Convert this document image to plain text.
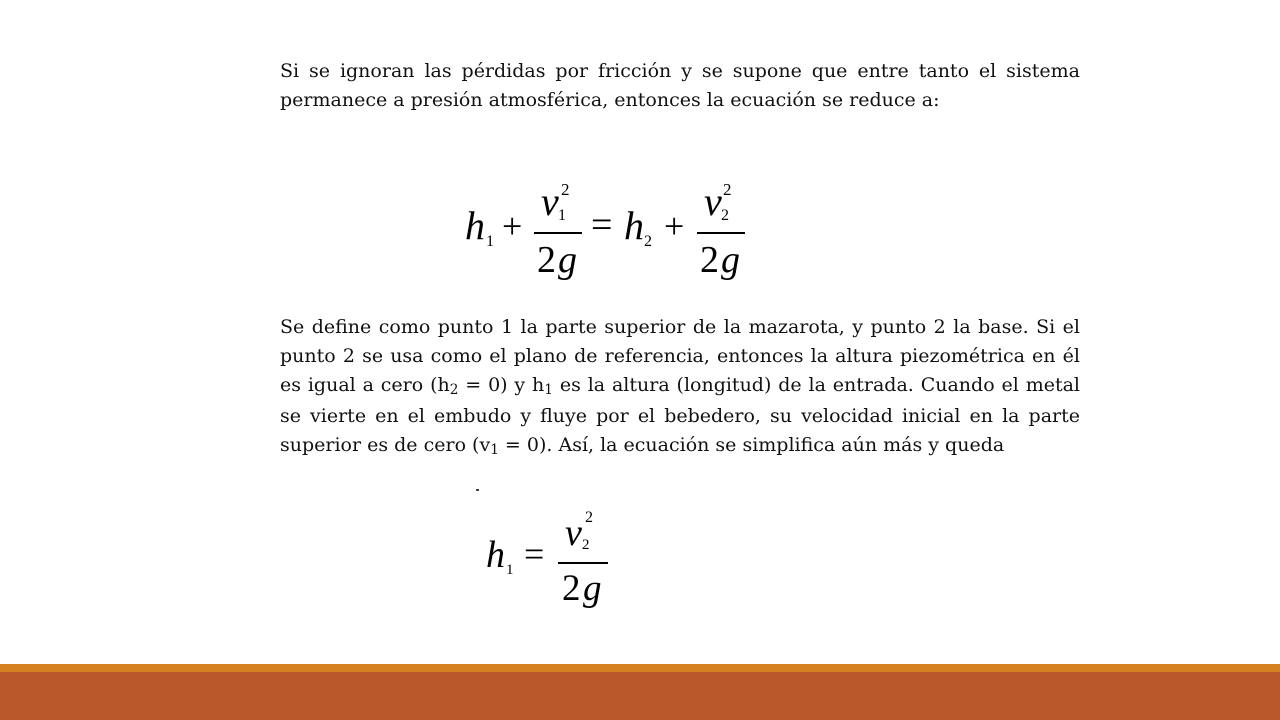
Si se ignoran las pérdidas por fricción y se supone que entre tanto el sistema permanece a presión atmosférica, entonces la ecuación se reduce a:

h 1 +
v 1
2
2 g
= h 2 +
v 2
2
2 g

Se define como punto 1 la parte superior de la mazarota, y punto 2 la base. Si el punto 2 se usa como el plano de referencia, entonces la altura piezométrica en él es igual a cero (h2 = 0) y h1 es la altura (longitud) de la entrada. Cuando el metal se vierte en el embudo y fluye por el bebedero, su velocidad inicial en la parte superior es de cero (v1 = 0). Así, la ecuación se simplifica aún más y queda

h 1 = v 2
2
2 g
